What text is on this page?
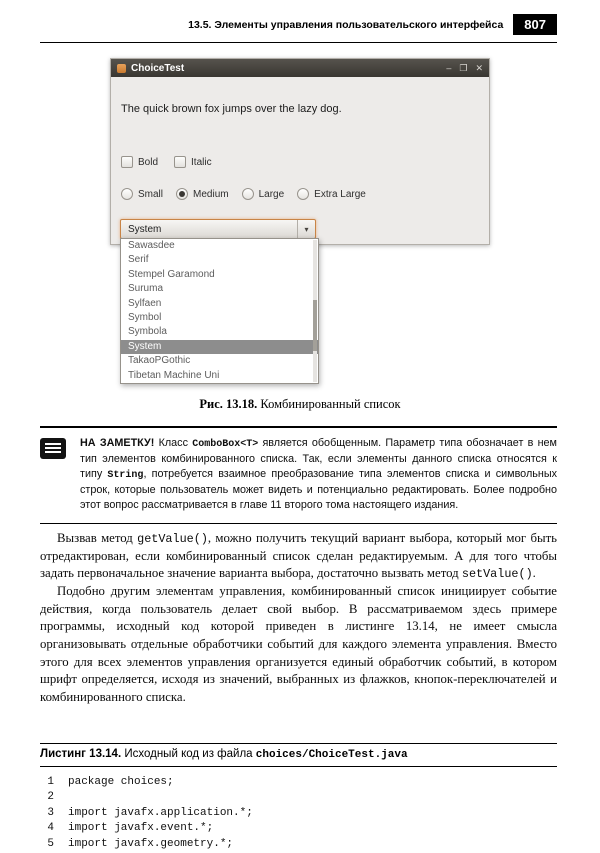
13.5. Элементы управления пользовательского интерфейса	807
ChoiceTest	– ❐ ✕
The quick brown fox jumps over the lazy dog.
Bold	Italic
Small	Medium	Large	Extra Large
System	▾
Sawasdee
Serif
Stempel Garamond
Suruma
Sylfaen
Symbol
Symbola
System
TakaoPGothic
Tibetan Machine Uni
Рис. 13.18. Комбинированный список
НА ЗАМЕТКУ! Класс ComboBox<T> является обобщенным. Параметр типа обозначает в нем тип элементов комбинированного списка. Так, если элементы данного списка относятся к типу String, потребуется взаимное преобразование типа элементов списка и символьных строк, которые пользователь может видеть и потенциально редактировать. Более подробно этот вопрос рассматривается в главе 11 второго тома настоящего издания.

Вызвав метод getValue(), можно получить текущий вариант выбора, который мог быть отредактирован, если комбинированный список сделан редактируемым. А для того чтобы задать первоначальное значение варианта выбора, достаточно вызвать метод setValue().

Подобно другим элементам управления, комбинированный список инициирует событие действия, когда пользователь делает свой выбор. В рассматриваемом здесь примере программы, исходный код которой приведен в листинге 13.14, не имеет смысла организовывать отдельные обработчики событий для каждого элемента управления. Вместо этого для всех элементов управления организуется единый обработчик событий, в котором шрифт определяется, исходя из значений, выбранных из флажков, кнопок-переключателей и комбинированного списка.

Листинг 13.14. Исходный код из файла choices/ChoiceTest.java
1 package choices;
2
3 import javafx.application.*;
4 import javafx.event.*;
5 import javafx.geometry.*;
